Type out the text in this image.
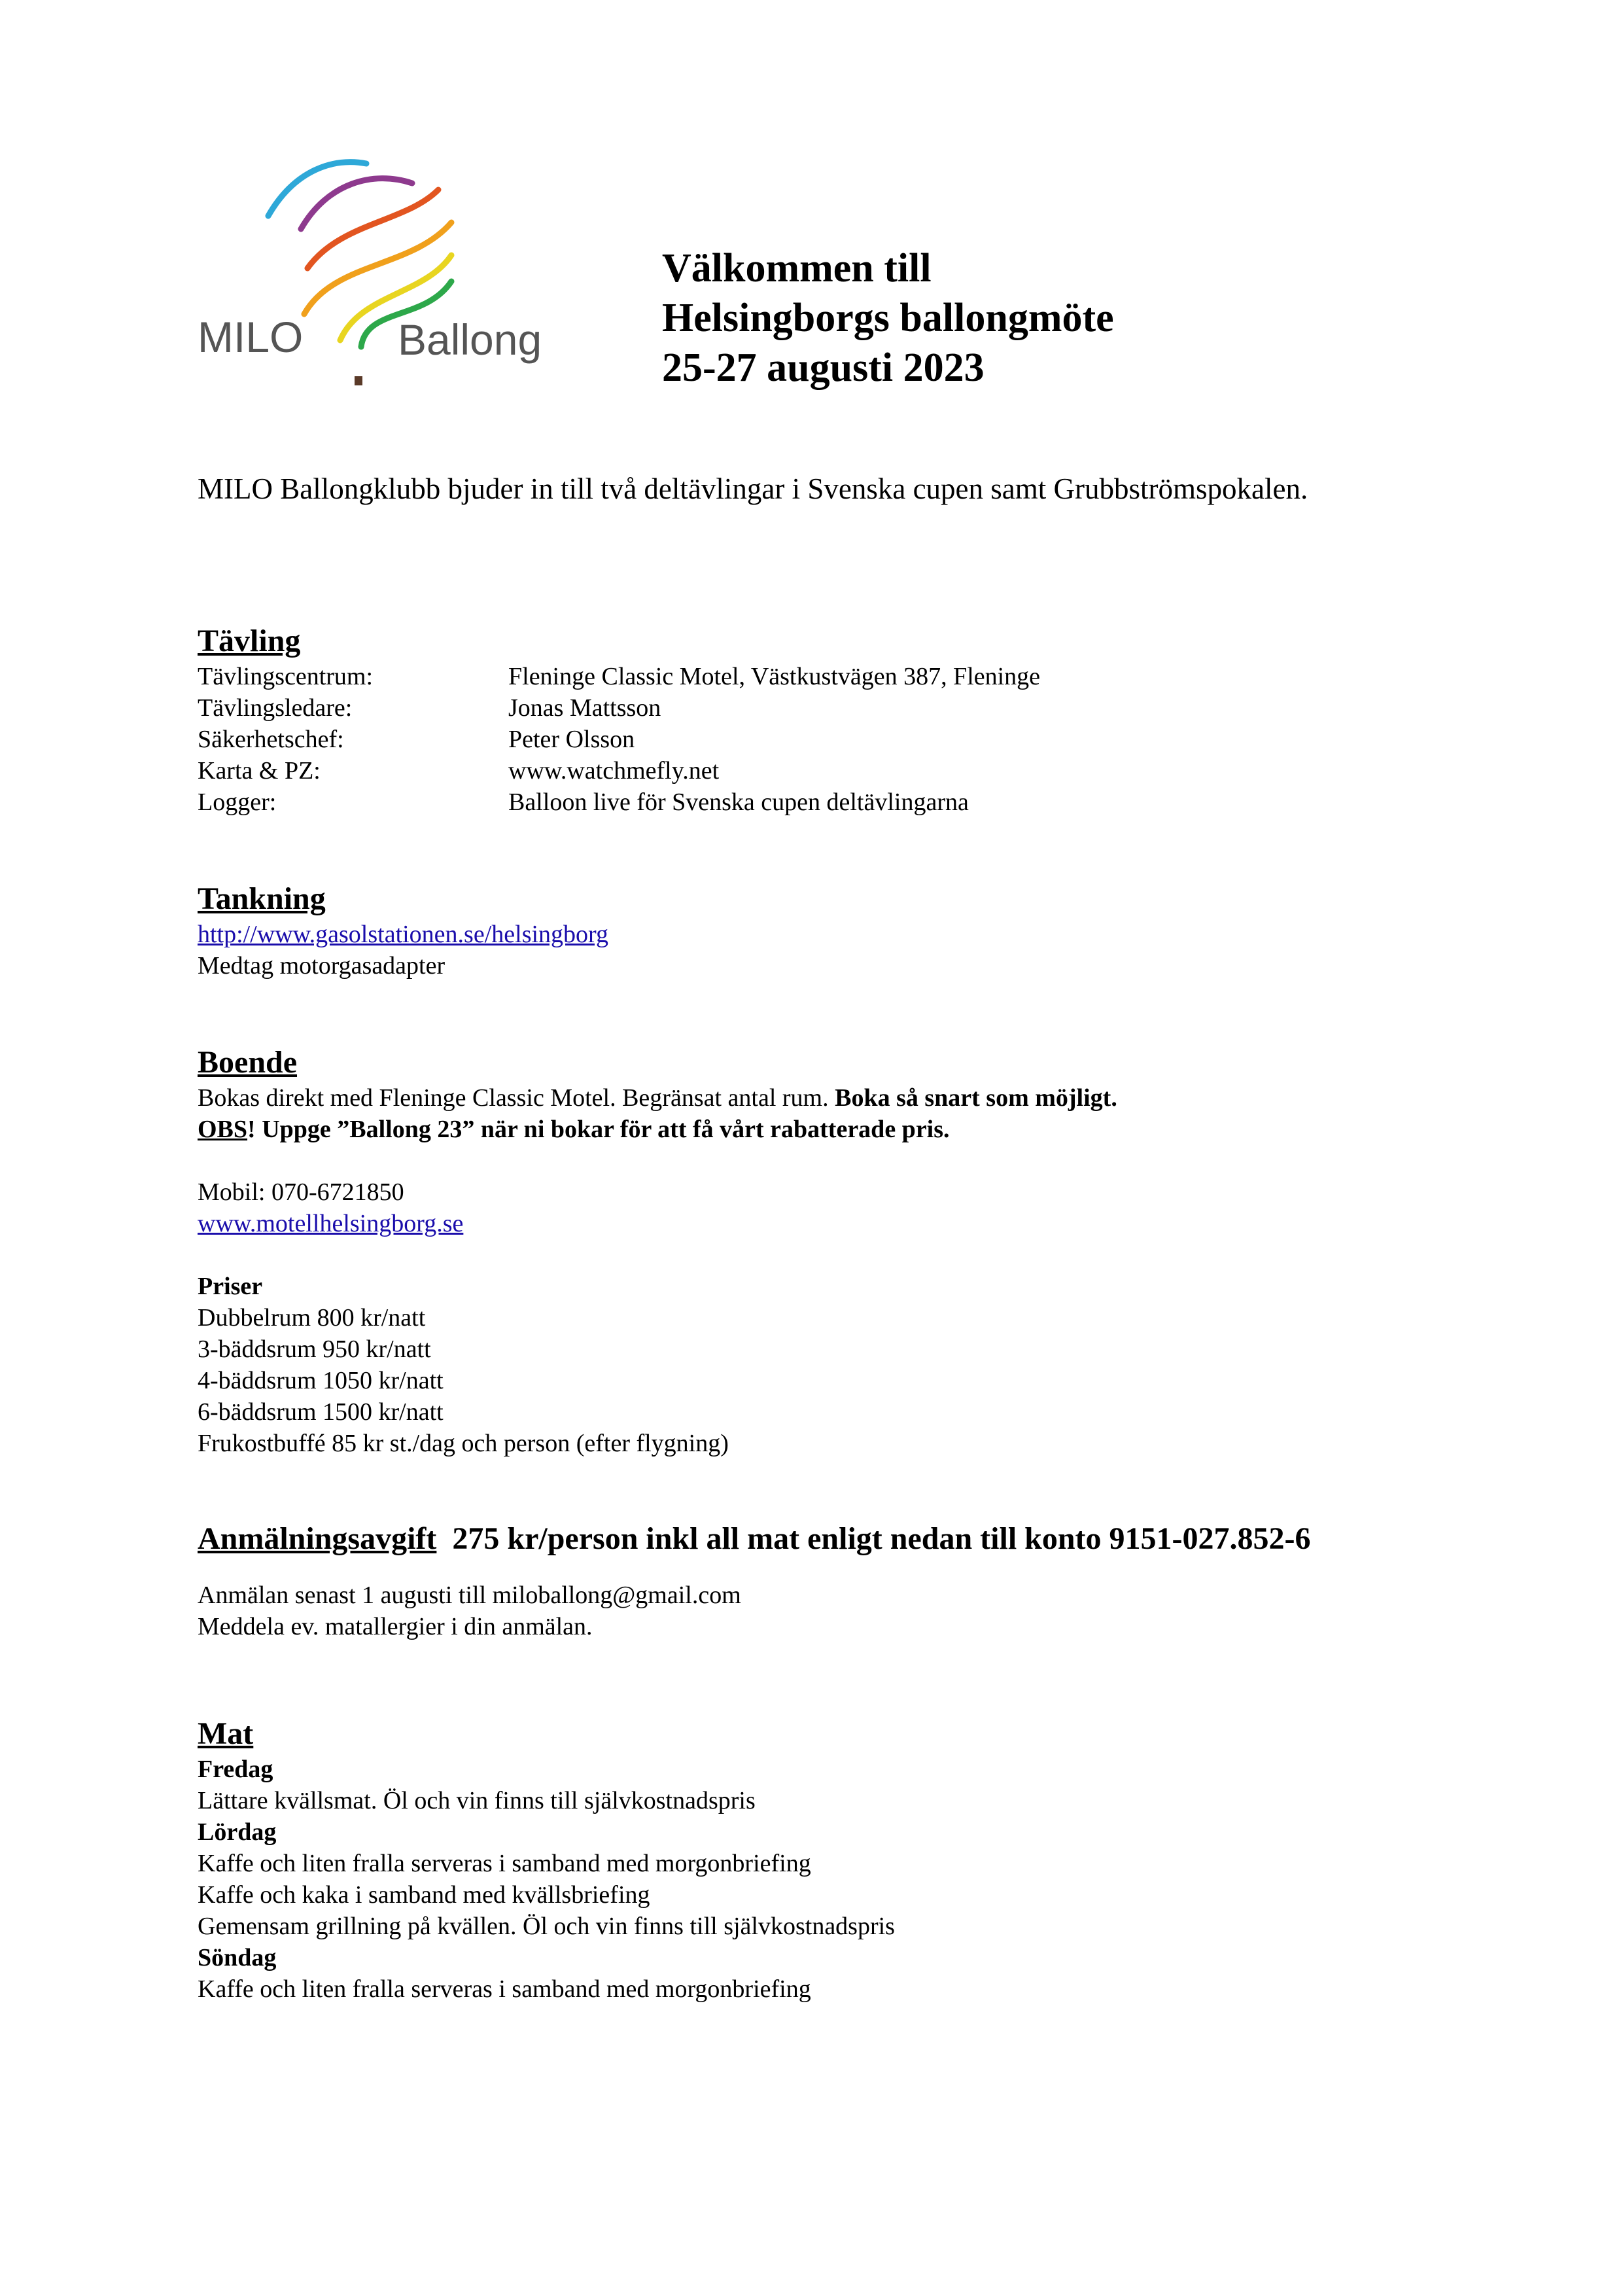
MILO Ballong
Välkommen till
Helsingborgs ballongmöte
25-27 augusti 2023
MILO Ballongklubb bjuder in till två deltävlingar i Svenska cupen samt Grubbströmspokalen.
Tävling
Tävlingscentrum:	Fleninge Classic Motel, Västkustvägen 387, Fleninge
Tävlingsledare:	Jonas Mattsson
Säkerhetschef:	Peter Olsson
Karta & PZ:	www.watchmefly.net
Logger:	Balloon live för Svenska cupen deltävlingarna
Tankning
http://www.gasolstationen.se/helsingborg
Medtag motorgasadapter
Boende
Bokas direkt med Fleninge Classic Motel. Begränsat antal rum. Boka så snart som möjligt.
OBS! Uppge ”Ballong 23” när ni bokar för att få vårt rabatterade pris.
Mobil: 070-6721850
www.motellhelsingborg.se
Priser
Dubbelrum 800 kr/natt
3-bäddsrum 950 kr/natt
4-bäddsrum 1050 kr/natt
6-bäddsrum 1500 kr/natt
Frukostbuffé 85 kr st./dag och person (efter flygning)
Anmälningsavgift 275 kr/person inkl all mat enligt nedan till konto 9151-027.852-6
Anmälan senast 1 augusti till miloballong@gmail.com
Meddela ev. matallergier i din anmälan.
Mat
Fredag
Lättare kvällsmat. Öl och vin finns till självkostnadspris
Lördag
Kaffe och liten fralla serveras i samband med morgonbriefing
Kaffe och kaka i samband med kvällsbriefing
Gemensam grillning på kvällen. Öl och vin finns till självkostnadspris
Söndag
Kaffe och liten fralla serveras i samband med morgonbriefing
